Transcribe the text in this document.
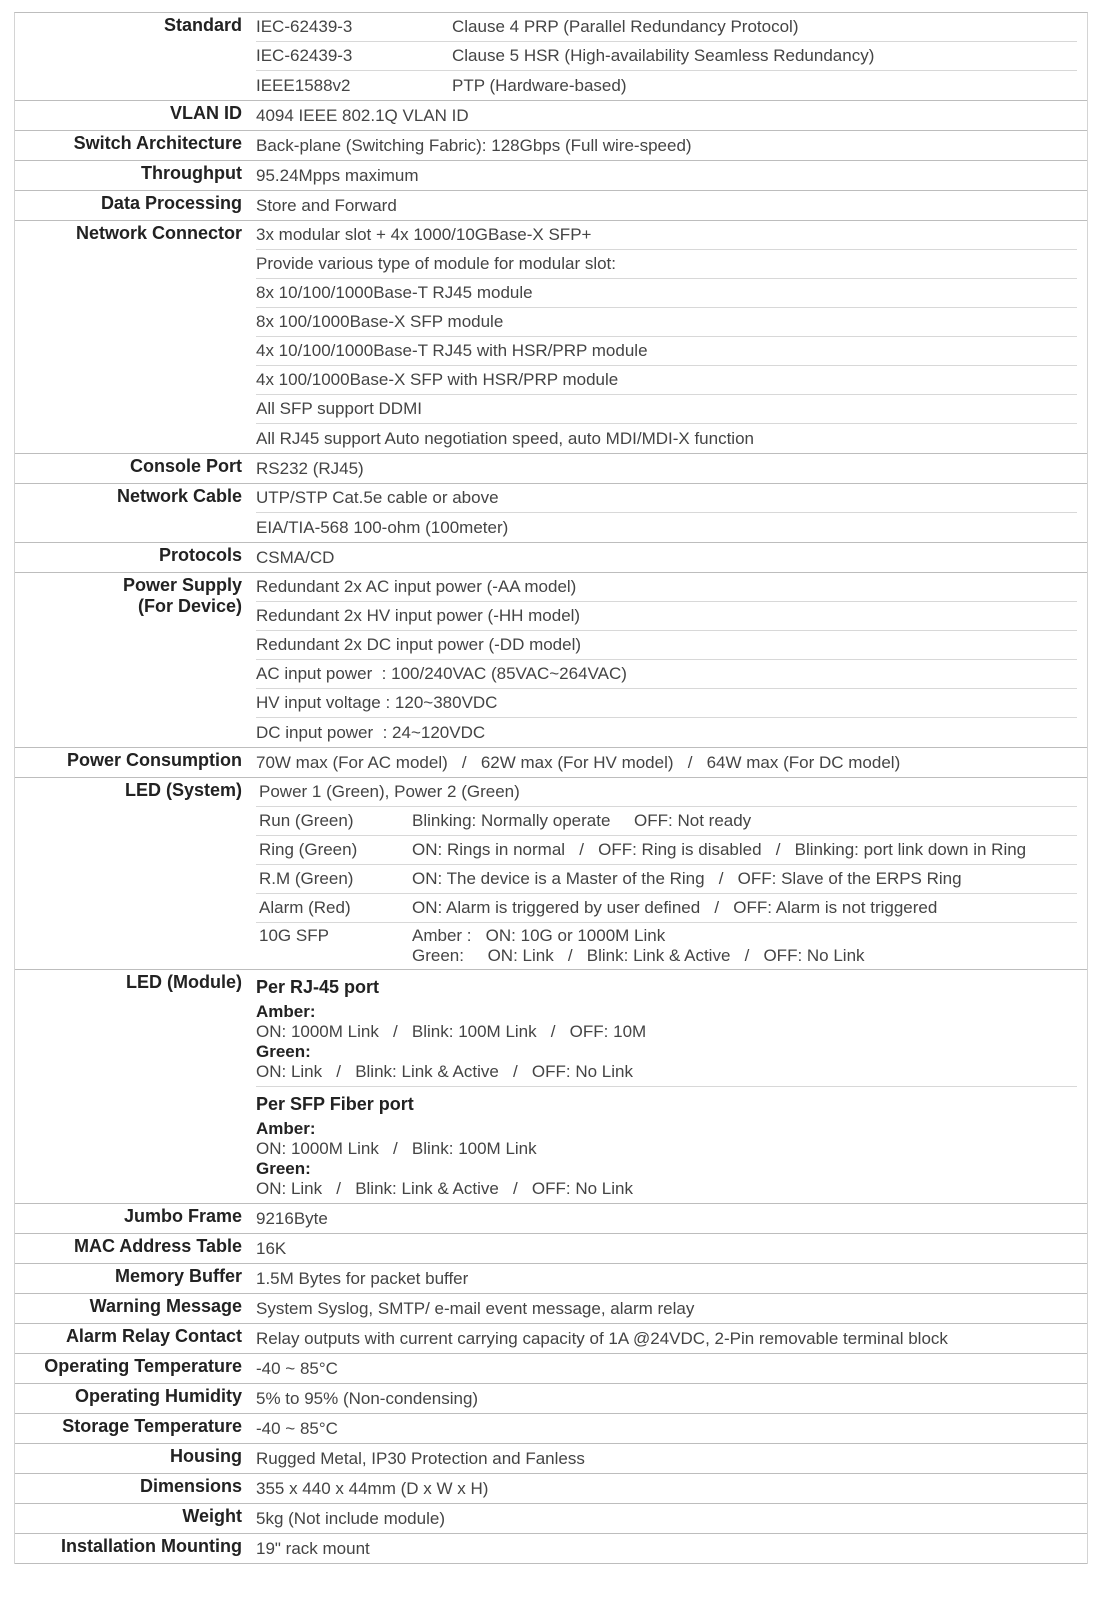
Standard IEC-62439-3	Clause 4 PRP (Parallel Redundancy Protocol)
IEC-62439-3	Clause 5 HSR (High-availability Seamless Redundancy)
IEEE1588v2	PTP (Hardware-based)
VLAN ID 4094 IEEE 802.1Q VLAN ID
Switch Architecture Back-plane (Switching Fabric): 128Gbps (Full wire-speed)
Throughput 95.24Mpps maximum
Data Processing Store and Forward
Network Connector 3x modular slot + 4x 1000/10GBase-X SFP+
Provide various type of module for modular slot:
8x 10/100/1000Base-T RJ45 module
8x 100/1000Base-X SFP module
4x 10/100/1000Base-T RJ45 with HSR/PRP module
4x 100/1000Base-X SFP with HSR/PRP module
All SFP support DDMI
All RJ45 support Auto negotiation speed, auto MDI/MDI-X function
Console Port RS232 (RJ45)
Network Cable UTP/STP Cat.5e cable or above
EIA/TIA-568 100-ohm (100meter)
Protocols CSMA/CD
Power Supply
(For Device)
Redundant 2x AC input power (-AA model)
Redundant 2x HV input power (-HH model)
Redundant 2x DC input power (-DD model)
AC input power  : 100/240VAC (85VAC~264VAC)
HV input voltage : 120~380VDC
DC input power  : 24~120VDC
Power Consumption 70W max (For AC model)   /   62W max (For HV model)   /   64W max (For DC model)
LED (System)	Power 1 (Green), Power 2 (Green)
Run (Green)	Blinking: Normally operate     OFF: Not ready
Ring (Green)	ON: Rings in normal   /   OFF: Ring is disabled   /   Blinking: port link down in Ring
R.M (Green)	ON: The device is a Master of the Ring   /   OFF: Slave of the ERPS Ring
Alarm (Red)	ON: Alarm is triggered by user defined   /   OFF: Alarm is not triggered
10G SFP	Amber :   ON: 10G or 1000M Link
Green:     ON: Link   /   Blink: Link & Active   /   OFF: No Link
LED (Module) Per RJ-45 port
Amber:
ON: 1000M Link   /   Blink: 100M Link   /   OFF: 10M
Green:
ON: Link   /   Blink: Link & Active   /   OFF: No Link
Per SFP Fiber port
Amber:
ON: 1000M Link   /   Blink: 100M Link
Green:
ON: Link   /   Blink: Link & Active   /   OFF: No Link
Jumbo Frame 9216Byte
MAC Address Table 16K
Memory Buffer 1.5M Bytes for packet buffer
Warning Message System Syslog, SMTP/ e-mail event message, alarm relay
Alarm Relay Contact Relay outputs with current carrying capacity of 1A @24VDC, 2-Pin removable terminal block
Operating Temperature -40 ~ 85°C
Operating Humidity 5% to 95% (Non-condensing)
Storage Temperature -40 ~ 85°C
Housing Rugged Metal, IP30 Protection and Fanless
Dimensions 355 x 440 x 44mm (D x W x H)
Weight 5kg (Not include module)
Installation Mounting 19" rack mount
